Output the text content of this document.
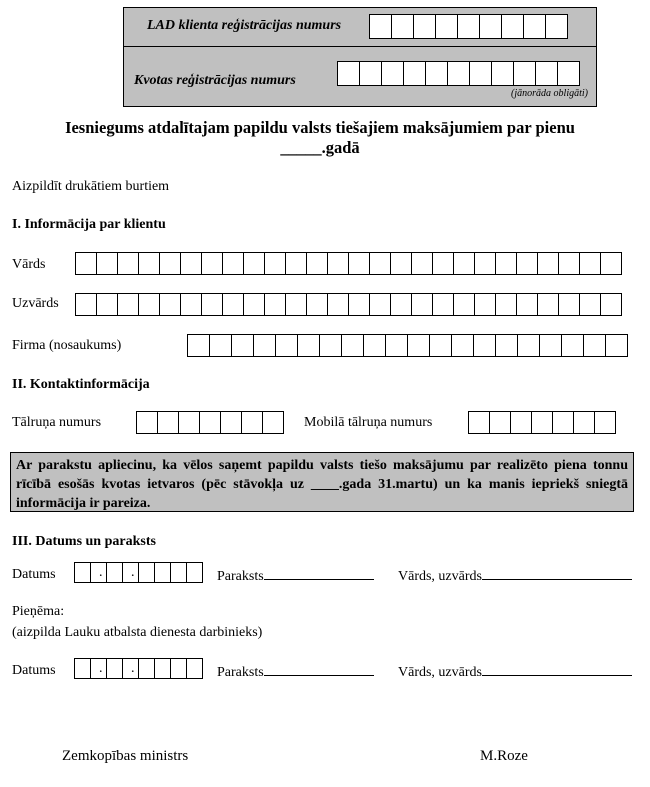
LAD klienta reģistrācijas numurs
Kvotas reģistrācijas numurs
(jānorāda obligāti)
Iesniegums atdalītajam papildu valsts tiešajiem maksājumiem par pienu
_____.gadā
Aizpildīt drukātiem burtiem
I. Informācija par klientu
Vārds
Uzvārds
Firma (nosaukums)
II. Kontaktinformācija
Tālruņa numurs	Mobilā tālruņa numurs
Ar parakstu apliecinu, ka vēlos saņemt papildu valsts tiešo maksājumu par realizēto piena tonnu rīcībā esošās kvotas ietvaros (pēc stāvokļa uz ____.gada 31.martu) un ka manis iepriekš sniegtā informācija ir pareiza.
III. Datums un paraksts
Datums . .	Paraksts	Vārds, uzvārds
Pieņēma:
(aizpilda Lauku atbalsta dienesta darbinieks)
Datums . .	Paraksts	Vārds, uzvārds
Zemkopības ministrs	M.Roze
